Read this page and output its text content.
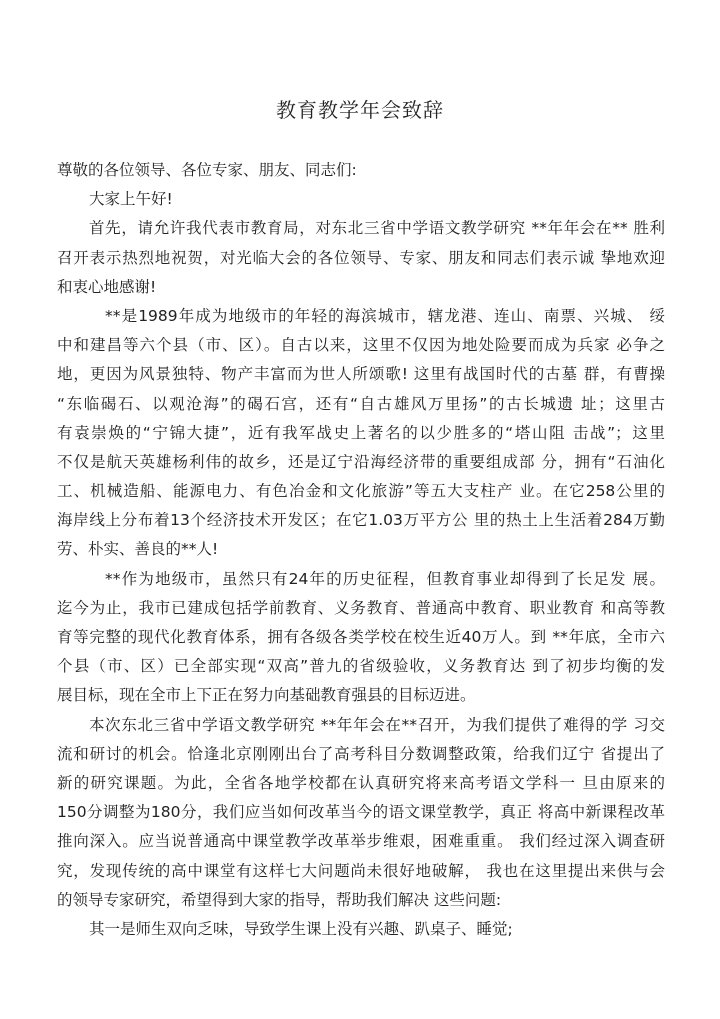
教育教学年会致辞
尊敬的各位领导、各位专家、朋友、同志们:
大家上午好!
首先，请允许我代表市教育局，对东北三省中学语文教学研究 **年年会在** 胜利
召开表示热烈地祝贺，对光临大会的各位领导、专家、朋友和同志们表示诚 挚地欢迎
和衷心地感谢!
**是1989年成为地级市的年轻的海滨城市，辖龙港、连山、南票、兴城、 绥
中和建昌等六个县（市、区）。自古以来，这里不仅因为地处险要而成为兵家 必争之
地，更因为风景独特、物产丰富而为世人所颂歌! 这里有战国时代的古墓 群，有曹操
“东临碣石、以观沧海”的碣石宫，还有“自古雄风万里扬”的古长城遗 址；这里古
有袁崇焕的“宁锦大捷”，近有我军战史上著名的以少胜多的“塔山阻 击战”；这里
不仅是航天英雄杨利伟的故乡，还是辽宁沿海经济带的重要组成部 分，拥有“石油化
工、机械造船、能源电力、有色冶金和文化旅游”等五大支柱产 业。在它258公里的
海岸线上分布着13个经济技术开发区；在它1.03万平方公 里的热土上生活着284万勤
劳、朴实、善良的**人!
**作为地级市，虽然只有24年的历史征程，但教育事业却得到了长足发 展。
迄今为止，我市已建成包括学前教育、义务教育、普通高中教育、职业教育 和高等教
育等完整的现代化教育体系，拥有各级各类学校在校生近40万人。到 **年底，全市六
个县（市、区）已全部实现“双高”普九的省级验收，义务教育达 到了初步均衡的发
展目标，现在全市上下正在努力向基础教育强县的目标迈进。
本次东北三省中学语文教学研究 **年年会在**召开，为我们提供了难得的学 习交
流和研讨的机会。恰逢北京刚刚出台了高考科目分数调整政策，给我们辽宁 省提出了
新的研究课题。为此，全省各地学校都在认真研究将来高考语文学科一 旦由原来的
150分调整为180分，我们应当如何改革当今的语文课堂教学，真正 将高中新课程改革
推向深入。应当说普通高中课堂教学改革举步维艰，困难重重。 我们经过深入调查研
究，发现传统的高中课堂有这样七大问题尚未很好地破解， 我也在这里提出来供与会
的领导专家研究，希望得到大家的指导，帮助我们解决 这些问题:
其一是师生双向乏味，导致学生课上没有兴趣、趴桌子、睡觉;
